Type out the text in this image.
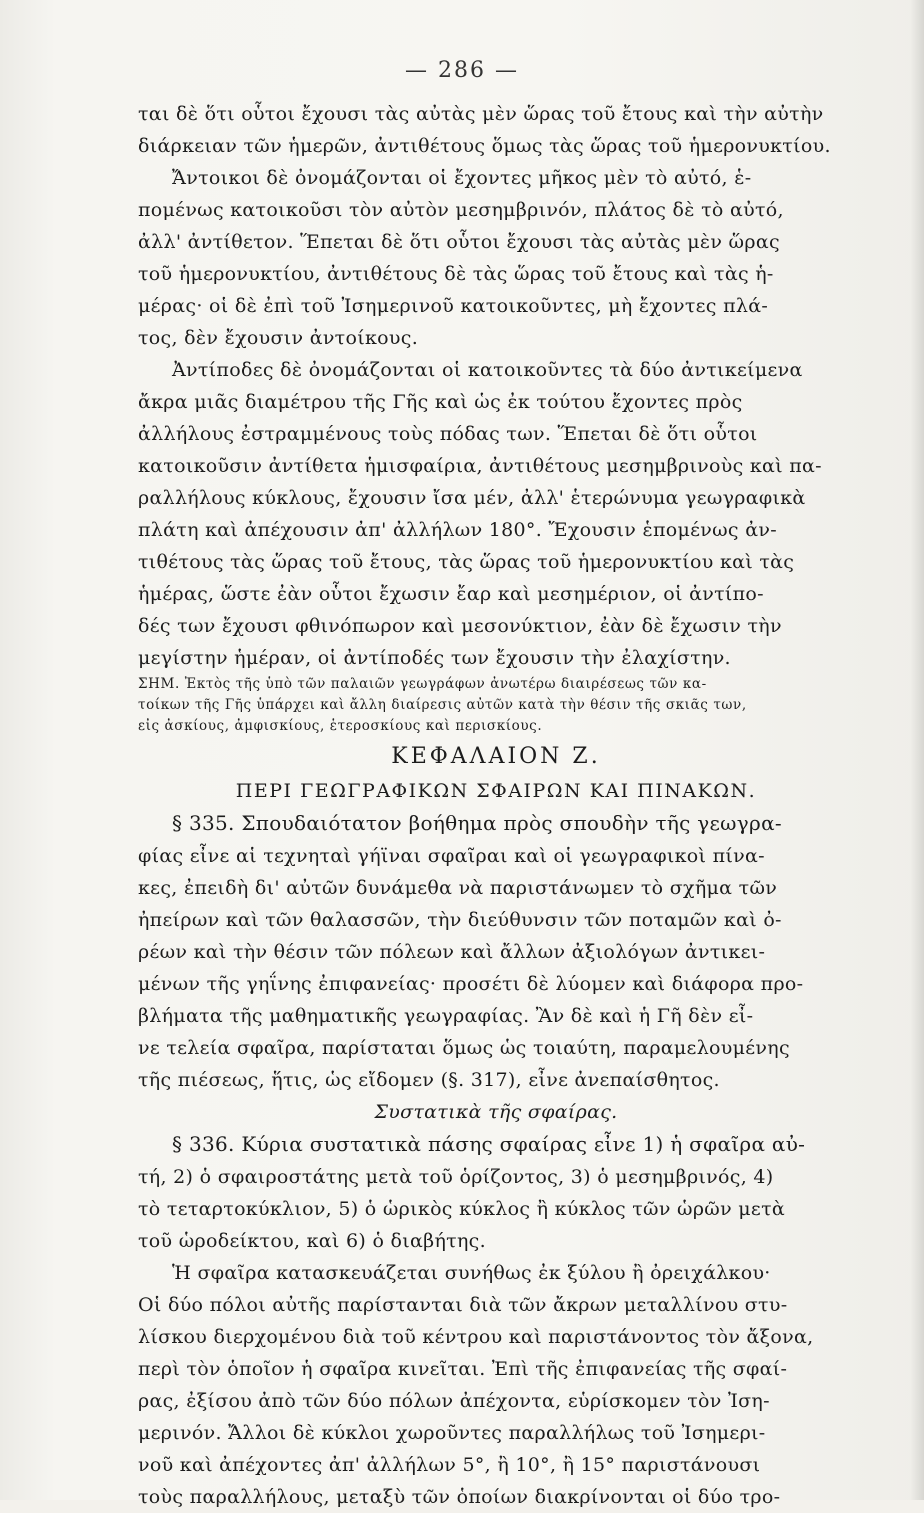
— 286 —
ται δὲ ὅτι οὗτοι ἔχουσι τὰς αὐτὰς μὲν ὥρας τοῦ ἔτους καὶ τὴν αὐτὴν
διάρκειαν τῶν ἡμερῶν, ἀντιθέτους ὅμως τὰς ὥρας τοῦ ἡμερονυκτίου.
Ἄντοικοι δὲ ὀνομάζονται οἱ ἔχοντες μῆκος μὲν τὸ αὐτό, ἑ-
πομένως κατοικοῦσι τὸν αὐτὸν μεσημβρινόν, πλάτος δὲ τὸ αὐτό,
ἀλλ' ἀντίθετον. Ἕπεται δὲ ὅτι οὗτοι ἔχουσι τὰς αὐτὰς μὲν ὥρας
τοῦ ἡμερονυκτίου, ἀντιθέτους δὲ τὰς ὥρας τοῦ ἔτους καὶ τὰς ἡ-
μέρας· οἱ δὲ ἐπὶ τοῦ Ἰσημερινοῦ κατοικοῦντες, μὴ ἔχοντες πλά-
τος, δὲν ἔχουσιν ἀντοίκους.
Ἀντίποδες δὲ ὀνομάζονται οἱ κατοικοῦντες τὰ δύο ἀντικείμενα
ἄκρα μιᾶς διαμέτρου τῆς Γῆς καὶ ὡς ἐκ τούτου ἔχοντες πρὸς
ἀλλήλους ἐστραμμένους τοὺς πόδας των. Ἕπεται δὲ ὅτι οὗτοι
κατοικοῦσιν ἀντίθετα ἡμισφαίρια, ἀντιθέτους μεσημβρινοὺς καὶ πα-
ραλλήλους κύκλους, ἔχουσιν ἴσα μέν, ἀλλ' ἑτερώνυμα γεωγραφικὰ
πλάτη καὶ ἀπέχουσιν ἀπ' ἀλλήλων 180°. Ἔχουσιν ἑπομένως ἀν-
τιθέτους τὰς ὥρας τοῦ ἔτους, τὰς ὥρας τοῦ ἡμερονυκτίου καὶ τὰς
ἡμέρας, ὥστε ἐὰν οὗτοι ἔχωσιν ἔαρ καὶ μεσημέριον, οἱ ἀντίπο-
δές των ἔχουσι φθινόπωρον καὶ μεσονύκτιον, ἐὰν δὲ ἔχωσιν τὴν
μεγίστην ἡμέραν, οἱ ἀντίποδές των ἔχουσιν τὴν ἐλαχίστην.
ΣΗΜ. Ἐκτὸς τῆς ὑπὸ τῶν παλαιῶν γεωγράφων ἀνωτέρω διαιρέσεως τῶν κα-
τοίκων τῆς Γῆς ὑπάρχει καὶ ἄλλη διαίρεσις αὐτῶν κατὰ τὴν θέσιν τῆς σκιᾶς των,
εἰς ἀσκίους, ἀμφισκίους, ἑτεροσκίους καὶ περισκίους.
ΚΕΦΑΛΑΙΟΝ Ζ.
ΠΕΡΙ ΓΕΩΓΡΑΦΙΚΩΝ ΣΦΑΙΡΩΝ ΚΑΙ ΠΙΝΑΚΩΝ.
§ 335. Σπουδαιότατον βοήθημα πρὸς σπουδὴν τῆς γεωγρα-
φίας εἶνε αἱ τεχνηταὶ γήϊναι σφαῖραι καὶ οἱ γεωγραφικοὶ πίνα-
κες, ἐπειδὴ δι' αὐτῶν δυνάμεθα νὰ παριστάνωμεν τὸ σχῆμα τῶν
ἠπείρων καὶ τῶν θαλασσῶν, τὴν διεύθυνσιν τῶν ποταμῶν καὶ ὀ-
ρέων καὶ τὴν θέσιν τῶν πόλεων καὶ ἄλλων ἀξιολόγων ἀντικει-
μένων τῆς γηΐνης ἐπιφανείας· προσέτι δὲ λύομεν καὶ διάφορα προ-
βλήματα τῆς μαθηματικῆς γεωγραφίας. Ἂν δὲ καὶ ἡ Γῆ δὲν εἶ-
νε τελεία σφαῖρα, παρίσταται ὅμως ὡς τοιαύτη, παραμελουμένης
τῆς πιέσεως, ἥτις, ὡς εἴδομεν (§. 317), εἶνε ἀνεπαίσθητος.
Συστατικὰ τῆς σφαίρας.
§ 336. Κύρια συστατικὰ πάσης σφαίρας εἶνε 1) ἡ σφαῖρα αὐ-
τή, 2) ὁ σφαιροστάτης μετὰ τοῦ ὁρίζοντος, 3) ὁ μεσημβρινός, 4)
τὸ τεταρτοκύκλιον, 5) ὁ ὡρικὸς κύκλος ἢ κύκλος τῶν ὡρῶν μετὰ
τοῦ ὡροδείκτου, καὶ 6) ὁ διαβήτης.
Ἡ σφαῖρα κατασκευάζεται συνήθως ἐκ ξύλου ἢ ὀρειχάλκου·
Οἱ δύο πόλοι αὐτῆς παρίστανται διὰ τῶν ἄκρων μεταλλίνου στυ-
λίσκου διερχομένου διὰ τοῦ κέντρου καὶ παριστάνοντος τὸν ἄξονα,
περὶ τὸν ὁποῖον ἡ σφαῖρα κινεῖται. Ἐπὶ τῆς ἐπιφανείας τῆς σφαί-
ρας, ἐξίσου ἀπὸ τῶν δύο πόλων ἀπέχοντα, εὑρίσκομεν τὸν Ἰση-
μερινόν. Ἄλλοι δὲ κύκλοι χωροῦντες παραλλήλως τοῦ Ἰσημερι-
νοῦ καὶ ἀπέχοντες ἀπ' ἀλλήλων 5°, ἢ 10°, ἢ 15° παριστάνουσι
τοὺς παραλλήλους, μεταξὺ τῶν ὁποίων διακρίνονται οἱ δύο τρο-
